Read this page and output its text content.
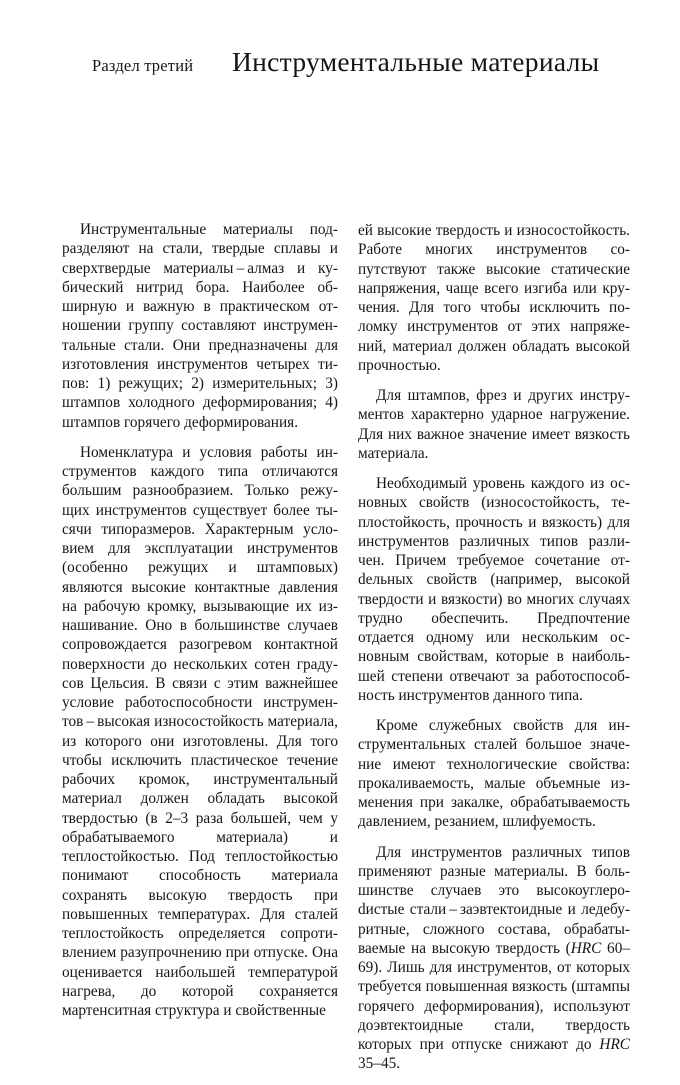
Раздел третий Инструментальные материалы

Инструментальные материалы подразделяют на стали, твердые сплавы и сверхтвердые материалы – алмаз и кубический нитрид бора. Наиболее обширную и важную в практическом отношении группу составляют инструментальные стали. Они предназначены для изготовления инструментов четырех типов: 1) режущих; 2) измерительных; 3) штампов холодного деформирования; 4) штампов горячего деформирования.

Номенклатура и условия работы инструментов каждого типа отличаются большим разнообразием. Только режущих инструментов существует более тысячи типоразмеров. Характерным условием для эксплуатации инструментов (особенно режущих и штамповых) являются высокие контактные давления на рабочую кромку, вызывающие их изнашивание. Оно в большинстве случаев сопровождается разогревом контактной поверхности до нескольких сотен градусов Цельсия. В связи с этим важнейшее условие работоспособности инструментов – высокая износостойкость материала, из которого они изготовлены. Для того чтобы исключить пластическое течение рабочих кромок, инструментальный материал должен обладать высокой твердостью (в 2–3 раза большей, чем у обрабатываемого материала) и теплостойкостью. Под теплостойкостью понимают способность материала сохранять высокую твердость при повышенных температурах. Для сталей теплостойкость определяется сопротивлением разупрочнению при отпуске. Она оценивается наибольшей температурой нагрева, до которой сохраняется мартенситная структура и свойственные

ей высокие твердость и износостойкость. Работе многих инструментов сопутствуют также высокие статические напряжения, чаще всего изгиба или кручения. Для того чтобы исключить поломку инструментов от этих напряжений, материал должен обладать высокой прочностью.

Для штампов, фрез и других инструментов характерно ударное нагружение. Для них важное значение имеет вязкость материала.

Необходимый уровень каждого из основных свойств (износостойкость, теплостойкость, прочность и вязкость) для инструментов различных типов различен. Причем требуемое сочетание отdельных свойств (например, высокой твердости и вязкости) во многих случаях трудно обеспечить. Предпочтение отдается одному или нескольким основным свойствам, которые в наибольшей степени отвечают за работоспособность инструментов данного типа.

Кроме служебных свойств для инструментальных сталей большое значение имеют технологические свойства: прокаливаемость, малые объемные изменения при закалке, обрабатываемость давлением, резанием, шлифуемость.

Для инструментов различных типов применяют разные материалы. В большинстве случаев это высокоуглероdистые стали – заэвтектоидные и ледебуритные, сложного состава, обрабатываемые на высокую твердость (HRC 60–69). Лишь для инструментов, от которых требуется повышенная вязкость (штампы горячего деформирования), используют доэвтектоидные стали, твердость которых при отпуске снижают до HRC 35–45.
